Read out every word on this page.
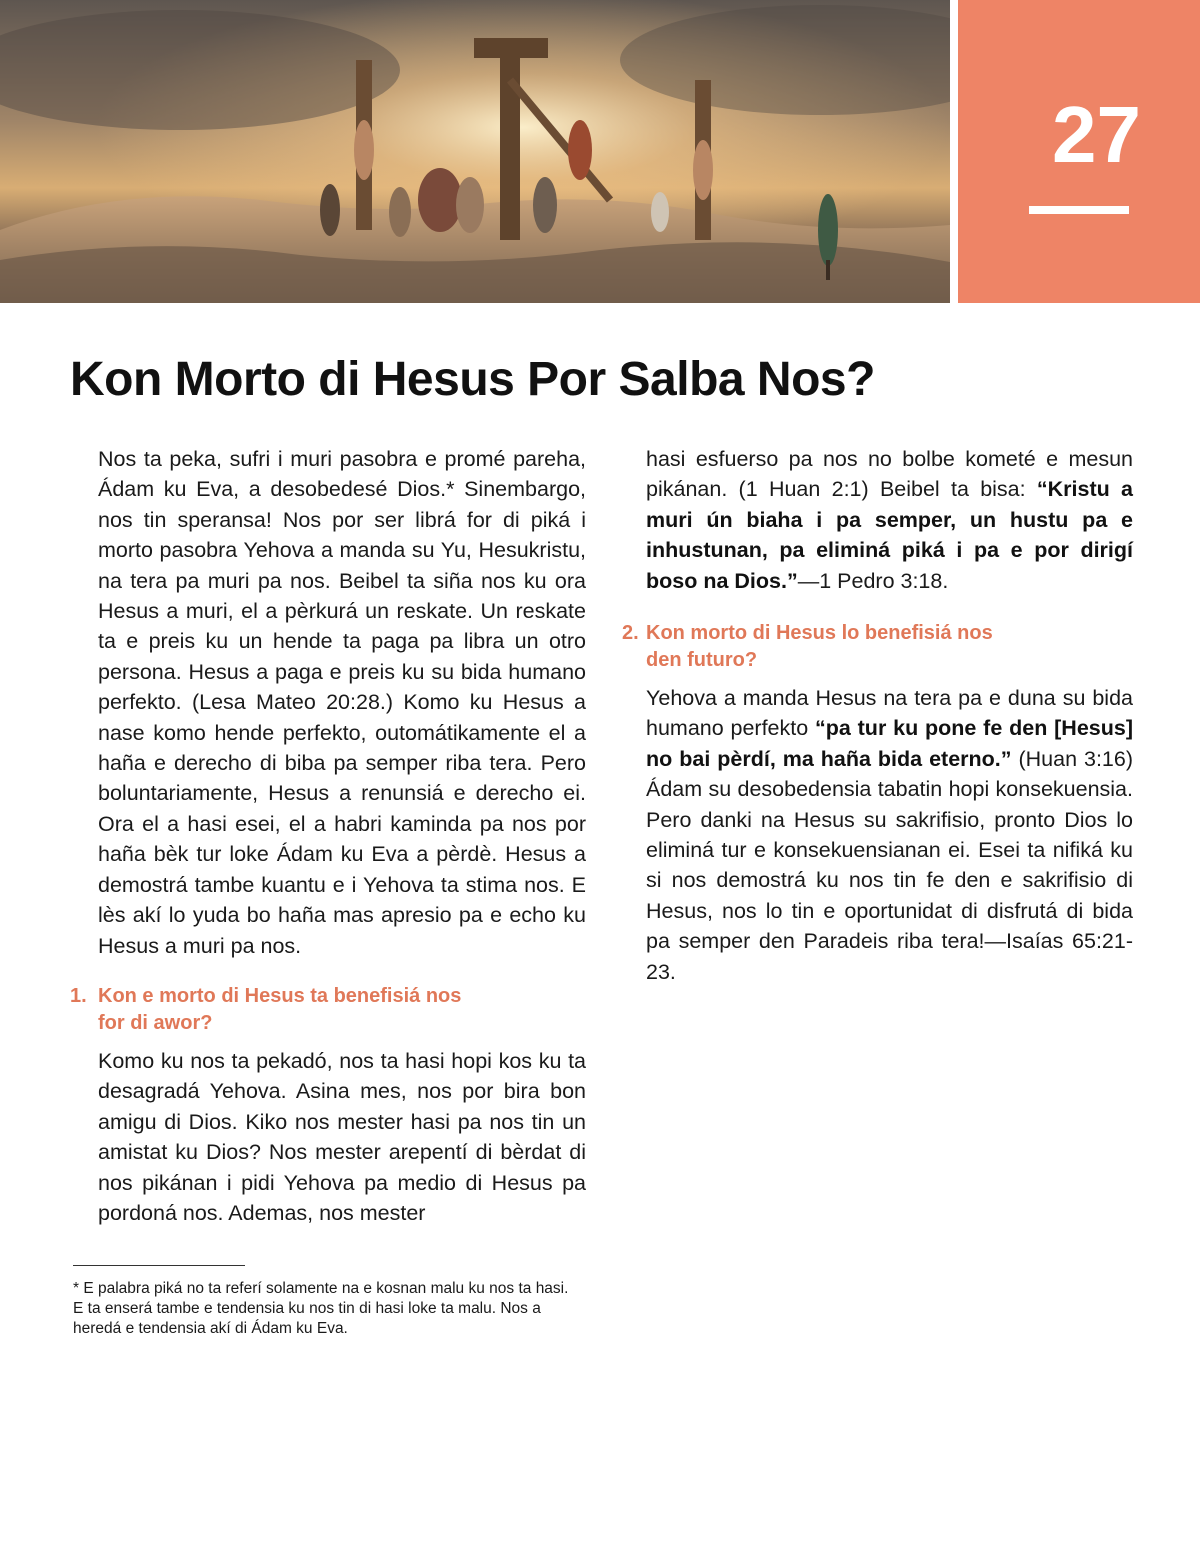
27
Kon Morto di Hesus Por Salba Nos?

Nos ta peka, sufri i muri pasobra e promé pareha, Ádam ku Eva, a desobedesé Dios.* Sinembargo, nos tin speransa! Nos por ser librá for di piká i morto pasobra Yehova a manda su Yu, Hesukristu, na tera pa muri pa nos. Beibel ta siña nos ku ora Hesus a muri, el a pèrkurá un reskate. Un reskate ta e preis ku un hende ta paga pa libra un otro persona. Hesus a paga e preis ku su bida humano perfekto. (Lesa Mateo 20:28.) Komo ku Hesus a nase komo hende perfekto, outomátikamente el a haña e derecho di biba pa semper riba tera. Pero boluntariamente, Hesus a renunsiá e derecho ei. Ora el a hasi esei, el a habri kaminda pa nos por haña bèk tur loke Ádam ku Eva a pèrdè. Hesus a demostrá tambe kuantu e i Yehova ta stima nos. E lès akí lo yuda bo haña mas apresio pa e echo ku Hesus a muri pa nos.

1. Kon e morto di Hesus ta benefisiá nos
for di awor?

Komo ku nos ta pekadó, nos ta hasi hopi kos ku ta desagradá Yehova. Asina mes, nos por bira bon amigu di Dios. Kiko nos mester hasi pa nos tin un amistat ku Dios? Nos mester arepentí di bèrdat di nos pikánan i pidi Yehova pa medio di Hesus pa pordoná nos. Ademas, nos mester

hasi esfuerso pa nos no bolbe kometé e mesun pikánan. (1 Huan 2:1) Beibel ta bisa: “Kristu a muri ún biaha i pa semper, un hustu pa e inhustunan, pa eliminá piká i pa e por dirigí boso na Dios.”—1 Pedro 3:18.

2. Kon morto di Hesus lo benefisiá nos
den futuro?

Yehova a manda Hesus na tera pa e duna su bida humano perfekto “pa tur ku pone fe den [Hesus] no bai pèrdí, ma haña bida eterno.” (Huan 3:16) Ádam su desobedensia tabatin hopi konsekuensia. Pero danki na Hesus su sakrifisio, pronto Dios lo eliminá tur e konsekuensianan ei. Esei ta nifiká ku si nos demostrá ku nos tin fe den e sakrifisio di Hesus, nos lo tin e oportunidat di disfrutá di bida pa semper den Paradeis riba tera!—Isaías 65:21-23.

* E palabra piká no ta referí solamente na e kosnan malu ku nos ta hasi. E ta enserá tambe e tendensia ku nos tin di hasi loke ta malu. Nos a heredá e tendensia akí di Ádam ku Eva.
